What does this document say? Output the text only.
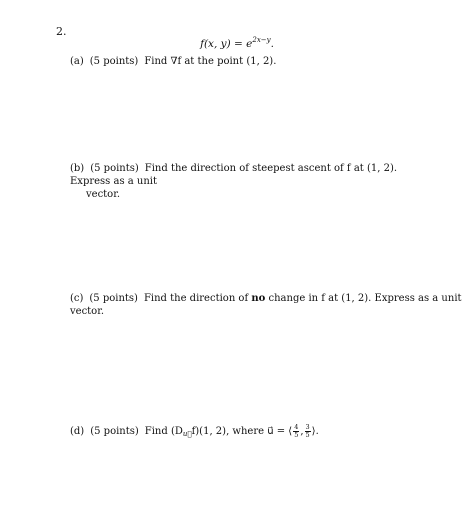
2.
f(x, $y) = e^{2x-y}$.
(a) (5 points) Find ∇f at the point (1, 2).
(b) (5 points) Find the direction of steepest ascent of f at (1, 2). Express as a unit
vector.
(c) (5 points) Find the direction of no change in f at (1, 2). Express as a unit vector.
(d) (5 points) Find $(D_{u⃗}f)(1$, 2), where u⃗ = ⟨ $\frac{4}{5}$ , $\frac{3}{5}$ ⟩.
